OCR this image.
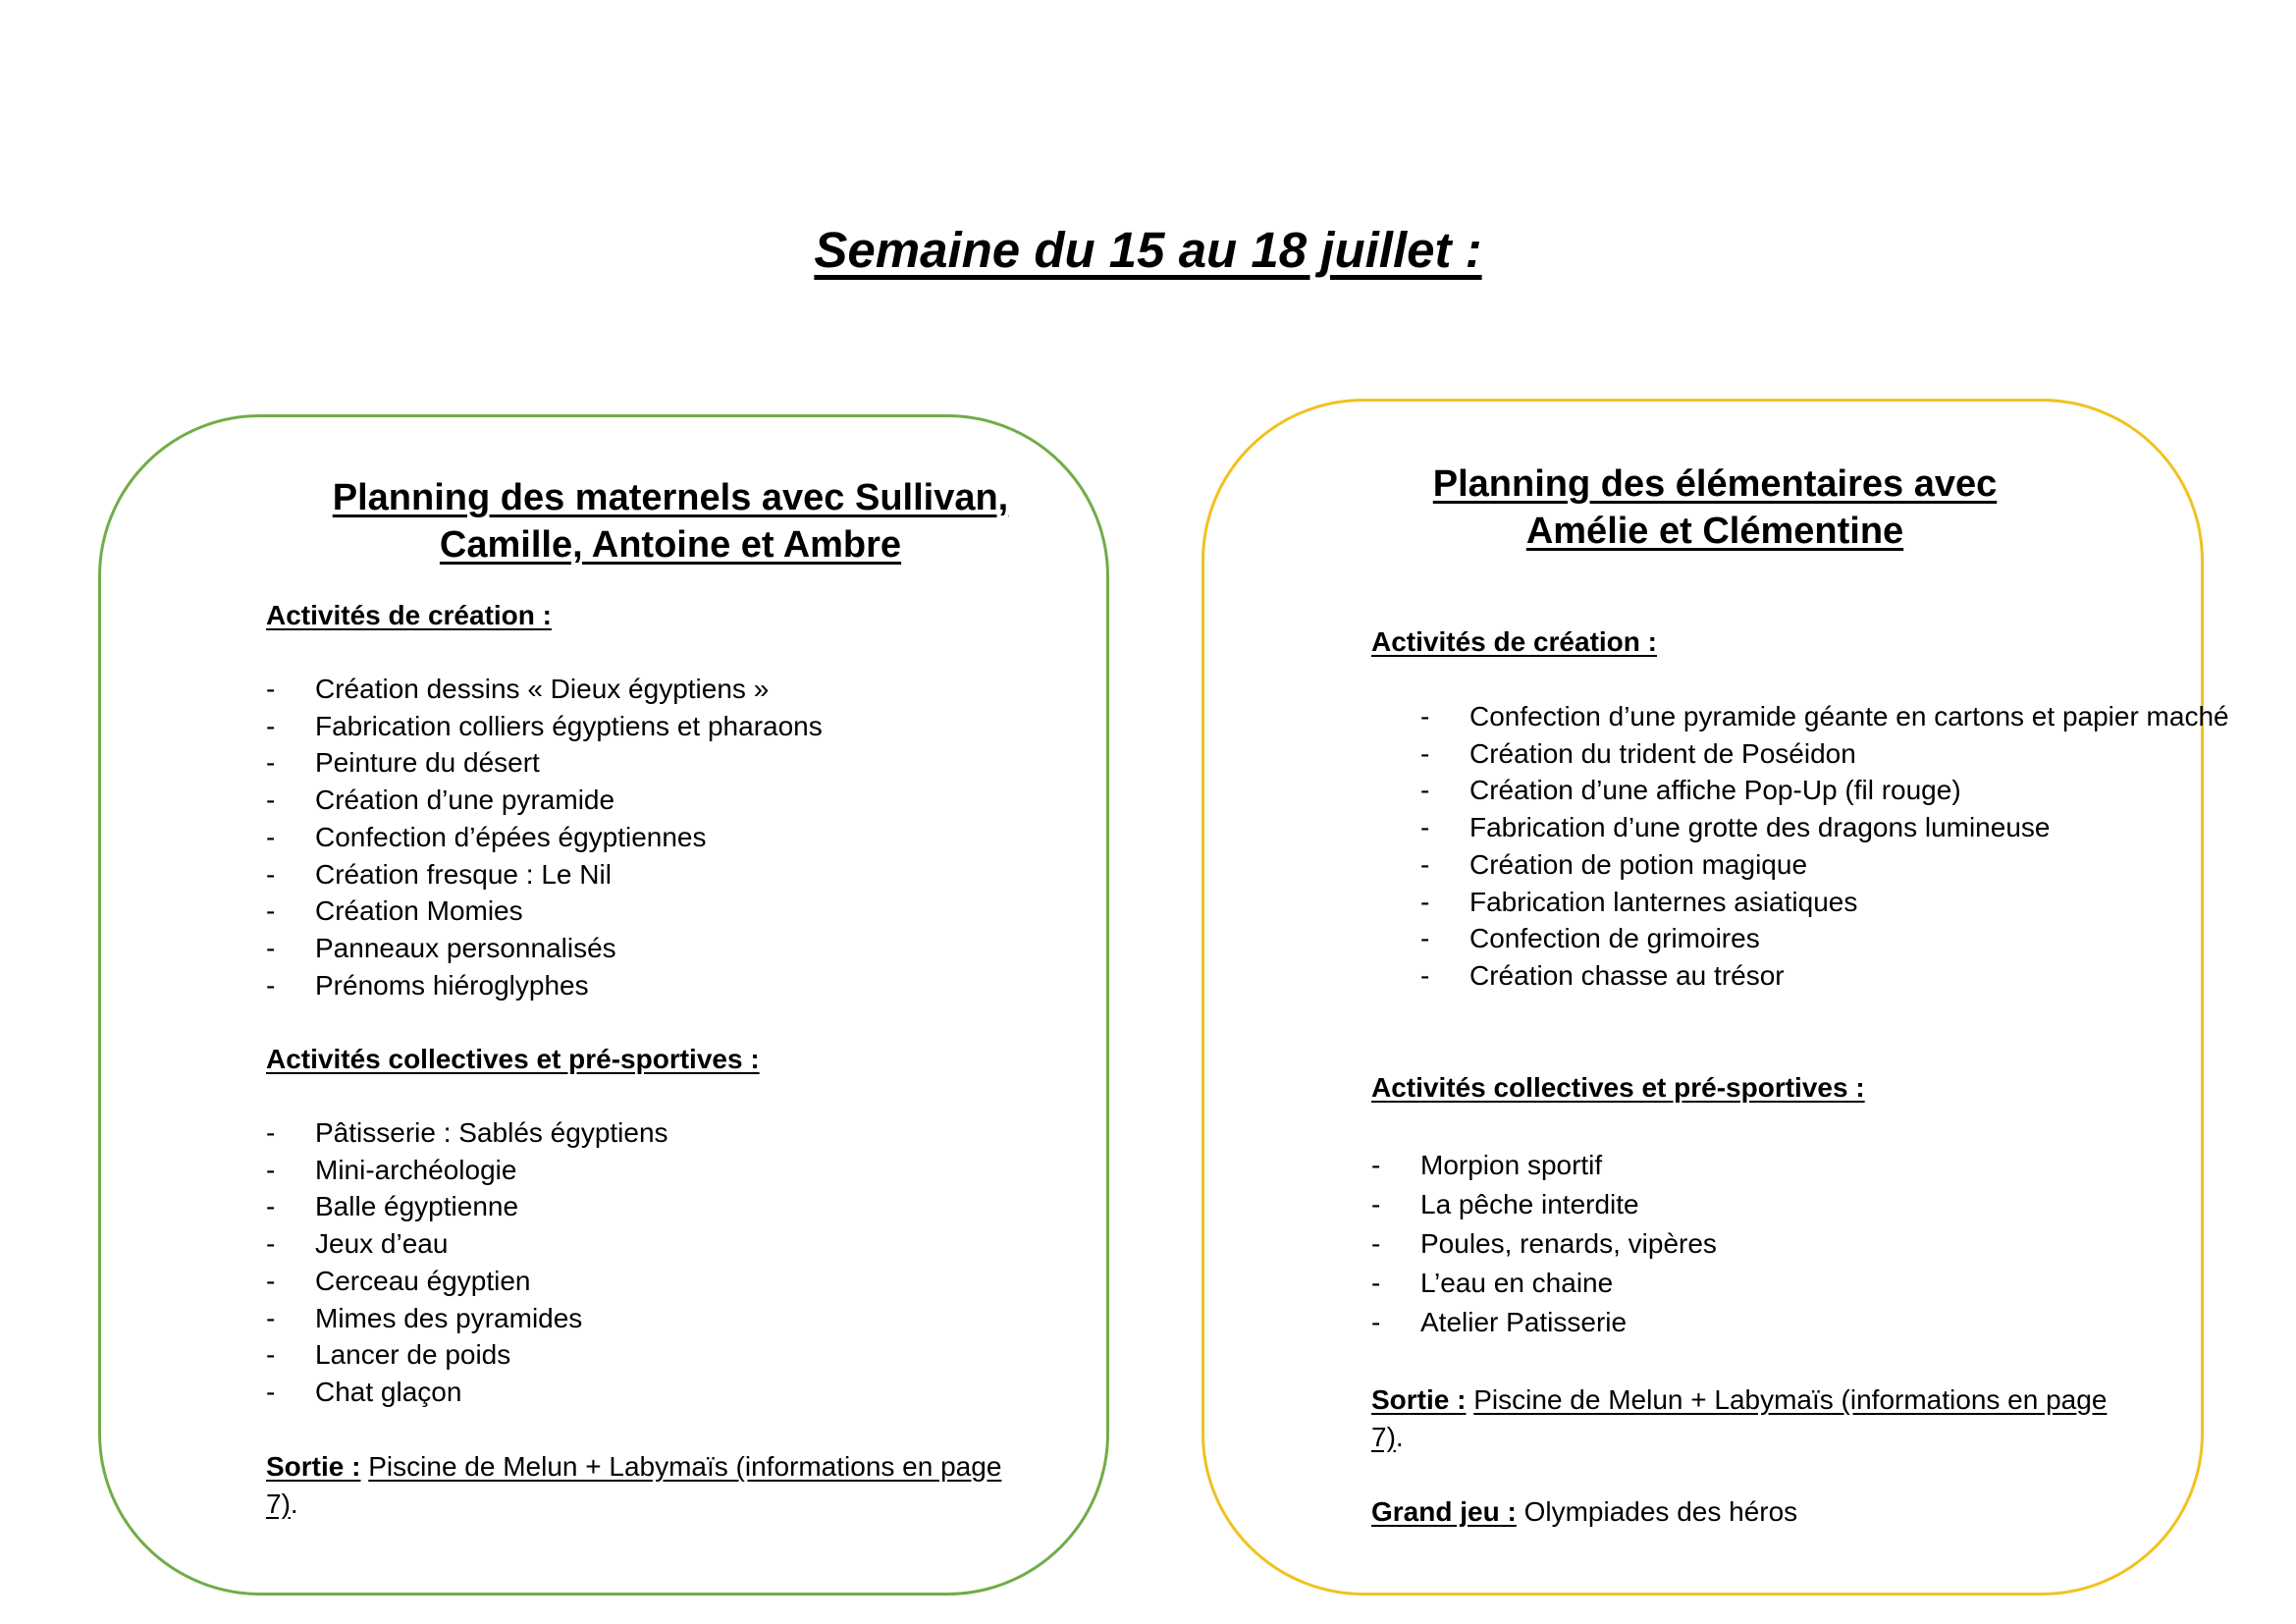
Semaine du 15 au 18 juillet :
Planning des maternels avec Sullivan, Camille, Antoine et Ambre
Activités de création :
- Création dessins « Dieux égyptiens »
- Fabrication colliers égyptiens et pharaons
- Peinture du désert
- Création d’une pyramide
- Confection d’épées égyptiennes
- Création fresque : Le Nil
- Création Momies
- Panneaux personnalisés
- Prénoms hiéroglyphes
Activités collectives et pré-sportives :
- Pâtisserie : Sablés égyptiens
- Mini-archéologie
- Balle égyptienne
- Jeux d’eau
- Cerceau égyptien
- Mimes des pyramides
- Lancer de poids
- Chat glaçon
Sortie : Piscine de Melun + Labymaïs (informations en page
7).
Planning des élémentaires avec Amélie et Clémentine
Activités de création :
- Confection d’une pyramide géante en cartons et papier maché
- Création du trident de Poséidon
- Création d’une affiche Pop-Up (fil rouge)
- Fabrication d’une grotte des dragons lumineuse
- Création de potion magique
- Fabrication lanternes asiatiques
- Confection de grimoires
- Création chasse au trésor
Activités collectives et pré-sportives :
- Morpion sportif
- La pêche interdite
- Poules, renards, vipères
- L’eau en chaine
- Atelier Patisserie
Sortie : Piscine de Melun + Labymaïs (informations en page
7).
Grand jeu : Olympiades des héros
